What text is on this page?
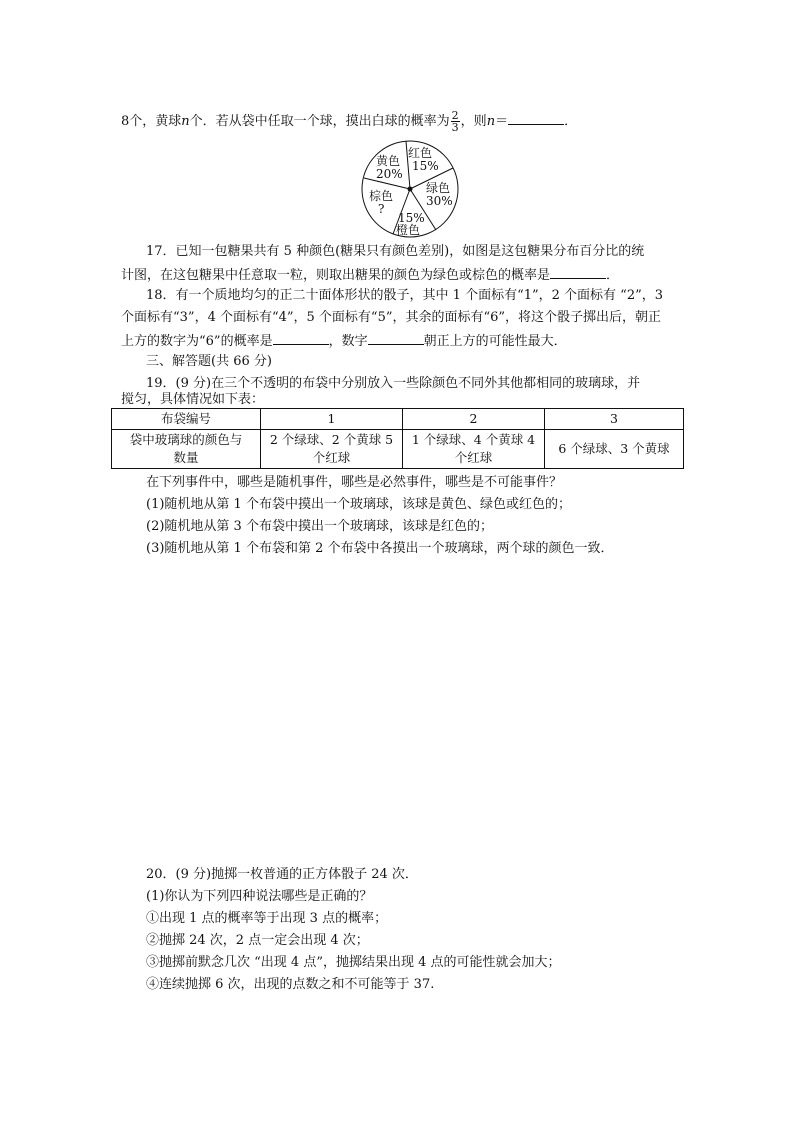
8个，黄球n个．若从袋中任取一个球，摸出白球的概率为 $\frac{2}{3}$ ，则n＝	．
红色
15%
绿色
30%
15%
橙色
棕色
?
黄色
20%
17．已知一包糖果共有 5 种颜色(糖果只有颜色差别)，如图是这包糖果分布百分比的统
计图，在这包糖果中任意取一粒，则取出糖果的颜色为绿色或棕色的概率是	．
18．有一个质地均匀的正二十面体形状的骰子，其中 1 个面标有“1”，2 个面标有 “2”，3
个面标有“3”，4 个面标有“4”，5 个面标有“5”，其余的面标有“6”，将这个骰子掷出后，朝正
上方的数字为“6”的概率是	，数字	朝正上方的可能性最大．
三、解答题(共 66 分)
19．(9 分)在三个不透明的布袋中分别放入一些除颜色不同外其他都相同的玻璃球，并
搅匀，具体情况如下表：
布袋编号	1	2	3
袋中玻璃球的颜色与
数量	2 个绿球、2 个黄球 5
个红球	1 个绿球、4 个黄球 4
个红球	6 个绿球、3 个黄球
在下列事件中，哪些是随机事件，哪些是必然事件，哪些是不可能事件？
(1)随机地从第 1 个布袋中摸出一个玻璃球，该球是黄色、绿色或红色的；
(2)随机地从第 3 个布袋中摸出一个玻璃球，该球是红色的；
(3)随机地从第 1 个布袋和第 2 个布袋中各摸出一个玻璃球，两个球的颜色一致．
20．(9 分)抛掷一枚普通的正方体骰子 24 次．
(1)你认为下列四种说法哪些是正确的？
①出现 1 点的概率等于出现 3 点的概率；
②抛掷 24 次，2 点一定会出现 4 次；
③抛掷前默念几次 “出现 4 点”，抛掷结果出现 4 点的可能性就会加大；
④连续抛掷 6 次，出现的点数之和不可能等于 37.
